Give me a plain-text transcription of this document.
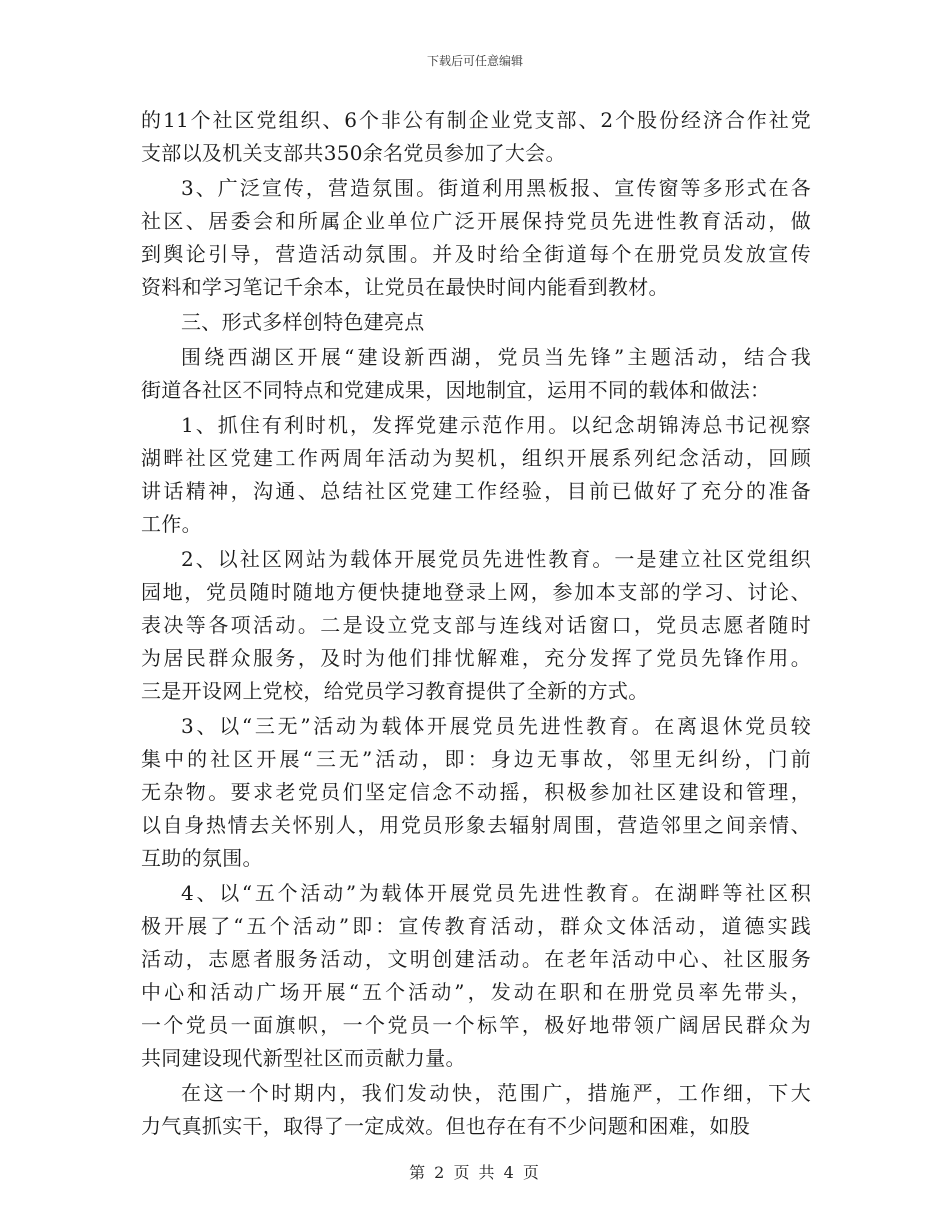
下载后可任意编辑

的11个社区党组织、6个非公有制企业党支部、2个股份经济合作社党
支部以及机关支部共350余名党员参加了大会。

3、广泛宣传，营造氛围。街道利用黑板报、宣传窗等多形式在各
社区、居委会和所属企业单位广泛开展保持党员先进性教育活动，做
到舆论引导，营造活动氛围。并及时给全街道每个在册党员发放宣传
资料和学习笔记千余本，让党员在最快时间内能看到教材。

三、形式多样创特色建亮点

围绕西湖区开展“建设新西湖，党员当先锋”主题活动，结合我
街道各社区不同特点和党建成果，因地制宜，运用不同的载体和做法：

1、抓住有利时机，发挥党建示范作用。以纪念胡锦涛总书记视察
湖畔社区党建工作两周年活动为契机，组织开展系列纪念活动，回顾
讲话精神，沟通、总结社区党建工作经验，目前已做好了充分的准备
工作。

2、以社区网站为载体开展党员先进性教育。一是建立社区党组织
园地，党员随时随地方便快捷地登录上网，参加本支部的学习、讨论、
表决等各项活动。二是设立党支部与连线对话窗口，党员志愿者随时
为居民群众服务，及时为他们排忧解难，充分发挥了党员先锋作用。
三是开设网上党校，给党员学习教育提供了全新的方式。

3、以“三无”活动为载体开展党员先进性教育。在离退休党员较
集中的社区开展“三无”活动，即：身边无事故，邻里无纠纷，门前
无杂物。要求老党员们坚定信念不动摇，积极参加社区建设和管理，
以自身热情去关怀别人，用党员形象去辐射周围，营造邻里之间亲情、
互助的氛围。

4、以“五个活动”为载体开展党员先进性教育。在湖畔等社区积
极开展了“五个活动”即：宣传教育活动，群众文体活动，道德实践
活动，志愿者服务活动，文明创建活动。在老年活动中心、社区服务
中心和活动广场开展“五个活动”，发动在职和在册党员率先带头，
一个党员一面旗帜，一个党员一个标竿，极好地带领广阔居民群众为
共同建设现代新型社区而贡献力量。

在这一个时期内，我们发动快，范围广，措施严，工作细，下大
力气真抓实干，取得了一定成效。但也存在有不少问题和困难，如股

第 2 页 共 4 页
